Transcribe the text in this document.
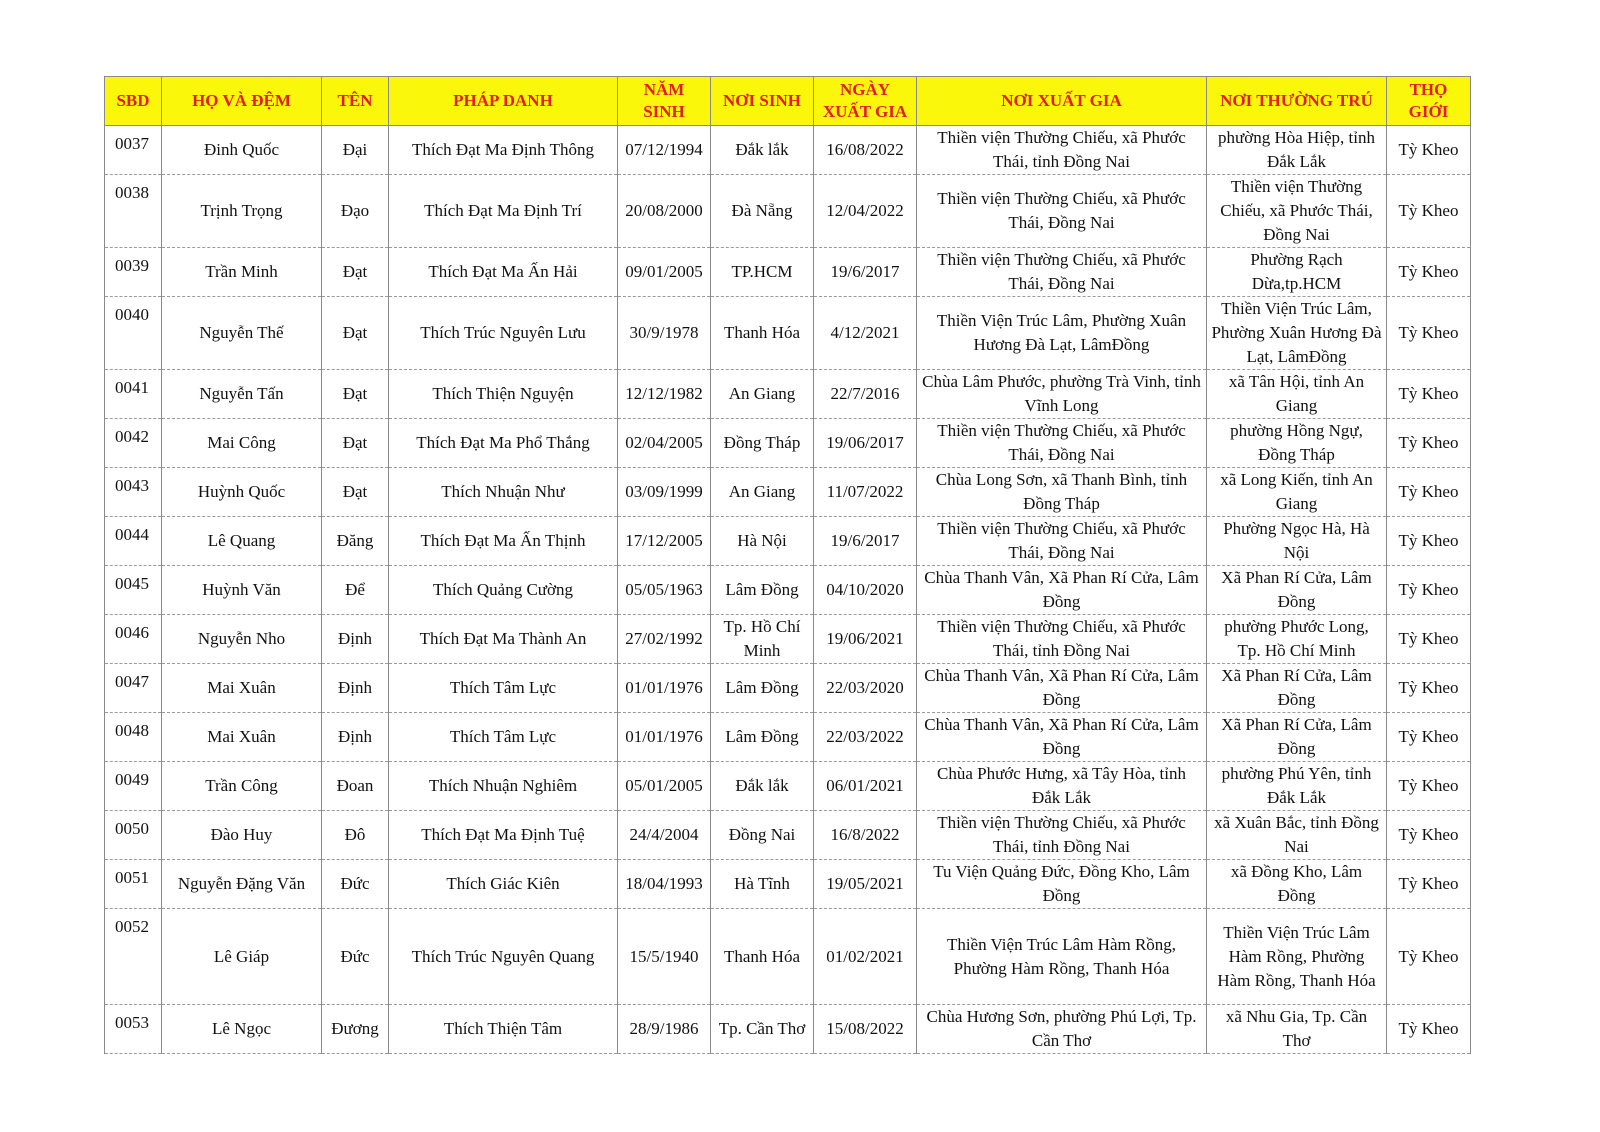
SBD	HỌ VÀ ĐỆM	TÊN	PHÁP DANH	NĂM SINH	NƠI SINH	NGÀY XUẤT GIA	NƠI XUẤT GIA	NƠI THƯỜNG TRÚ	THỌ GIỚI
0037	Đinh Quốc	Đại	Thích Đạt Ma Định Thông	07/12/1994	Đắk lắk	16/08/2022	Thiền viện Thường Chiếu, xã Phước Thái, tỉnh Đồng Nai	phường Hòa Hiệp, tỉnh Đắk Lắk	Tỳ Kheo
0038	Trịnh Trọng	Đạo	Thích Đạt Ma Định Trí	20/08/2000	Đà Nẵng	12/04/2022	Thiền viện Thường Chiếu, xã Phước Thái, Đồng Nai	Thiền viện Thường Chiếu, xã Phước Thái, Đồng Nai	Tỳ Kheo
0039	Trần Minh	Đạt	Thích Đạt Ma Ấn Hải	09/01/2005	TP.HCM	19/6/2017	Thiền viện Thường Chiếu, xã Phước Thái, Đồng Nai	Phường Rạch Dừa,tp.HCM	Tỳ Kheo
0040	Nguyễn Thế	Đạt	Thích Trúc Nguyên Lưu	30/9/1978	Thanh Hóa	4/12/2021	Thiền Viện Trúc Lâm, Phường Xuân Hương Đà Lạt, LâmĐồng	Thiền Viện Trúc Lâm, Phường Xuân Hương Đà Lạt, LâmĐồng	Tỳ Kheo
0041	Nguyễn Tấn	Đạt	Thích Thiện Nguyện	12/12/1982	An Giang	22/7/2016	Chùa Lâm Phước, phường Trà Vinh, tỉnh Vĩnh Long	xã Tân Hội, tỉnh An Giang	Tỳ Kheo
0042	Mai Công	Đạt	Thích Đạt Ma Phổ Thắng	02/04/2005	Đồng Tháp	19/06/2017	Thiền viện Thường Chiếu, xã Phước Thái, Đồng Nai	phường Hồng Ngự, Đồng Tháp	Tỳ Kheo
0043	Huỳnh Quốc	Đạt	Thích Nhuận Như	03/09/1999	An Giang	11/07/2022	Chùa Long Sơn, xã Thanh Bình, tỉnh Đồng Tháp	xã Long Kiến, tỉnh An Giang	Tỳ Kheo
0044	Lê Quang	Đăng	Thích Đạt Ma Ấn Thịnh	17/12/2005	Hà Nội	19/6/2017	Thiền viện Thường Chiếu, xã Phước Thái, Đồng Nai	Phường Ngọc Hà, Hà Nội	Tỳ Kheo
0045	Huỳnh Văn	Để	Thích Quảng Cường	05/05/1963	Lâm Đồng	04/10/2020	Chùa Thanh Vân, Xã Phan Rí Cửa, Lâm Đồng	Xã Phan Rí Cửa, Lâm Đồng	Tỳ Kheo
0046	Nguyễn Nho	Định	Thích Đạt Ma Thành An	27/02/1992	Tp. Hồ Chí Minh	19/06/2021	Thiền viện Thường Chiếu, xã Phước Thái, tỉnh Đồng Nai	phường Phước Long, Tp. Hồ Chí Minh	Tỳ Kheo
0047	Mai Xuân	Định	Thích Tâm Lực	01/01/1976	Lâm Đồng	22/03/2020	Chùa Thanh Vân, Xã Phan Rí Cửa, Lâm Đồng	Xã Phan Rí Cửa, Lâm Đồng	Tỳ Kheo
0048	Mai Xuân	Định	Thích Tâm Lực	01/01/1976	Lâm Đồng	22/03/2022	Chùa Thanh Vân, Xã Phan Rí Cửa, Lâm Đồng	Xã Phan Rí Cửa, Lâm Đồng	Tỳ Kheo
0049	Trần Công	Đoan	Thích Nhuận Nghiêm	05/01/2005	Đắk lắk	06/01/2021	Chùa Phước Hưng, xã Tây Hòa, tỉnh Đắk Lắk	phường Phú Yên, tỉnh Đắk Lắk	Tỳ Kheo
0050	Đào Huy	Đô	Thích Đạt Ma Định Tuệ	24/4/2004	Đồng Nai	16/8/2022	Thiền viện Thường Chiếu, xã Phước Thái, tỉnh Đồng Nai	xã Xuân Bắc, tỉnh Đồng Nai	Tỳ Kheo
0051	Nguyễn Đặng Văn	Đức	Thích Giác Kiên	18/04/1993	Hà Tĩnh	19/05/2021	Tu Viện Quảng Đức, Đồng Kho, Lâm Đồng	xã Đồng Kho, Lâm Đồng	Tỳ Kheo
0052	Lê Giáp	Đức	Thích Trúc Nguyên Quang	15/5/1940	Thanh Hóa	01/02/2021	Thiền Viện Trúc Lâm Hàm Rồng, Phường Hàm Rồng, Thanh Hóa	Thiền Viện Trúc Lâm Hàm Rồng, Phường Hàm Rồng, Thanh Hóa	Tỳ Kheo
0053	Lê Ngọc	Đương	Thích Thiện Tâm	28/9/1986	Tp. Cần Thơ	15/08/2022	Chùa Hương Sơn, phường Phú Lợi, Tp. Cần Thơ	xã Nhu Gia, Tp. Cần Thơ	Tỳ Kheo
